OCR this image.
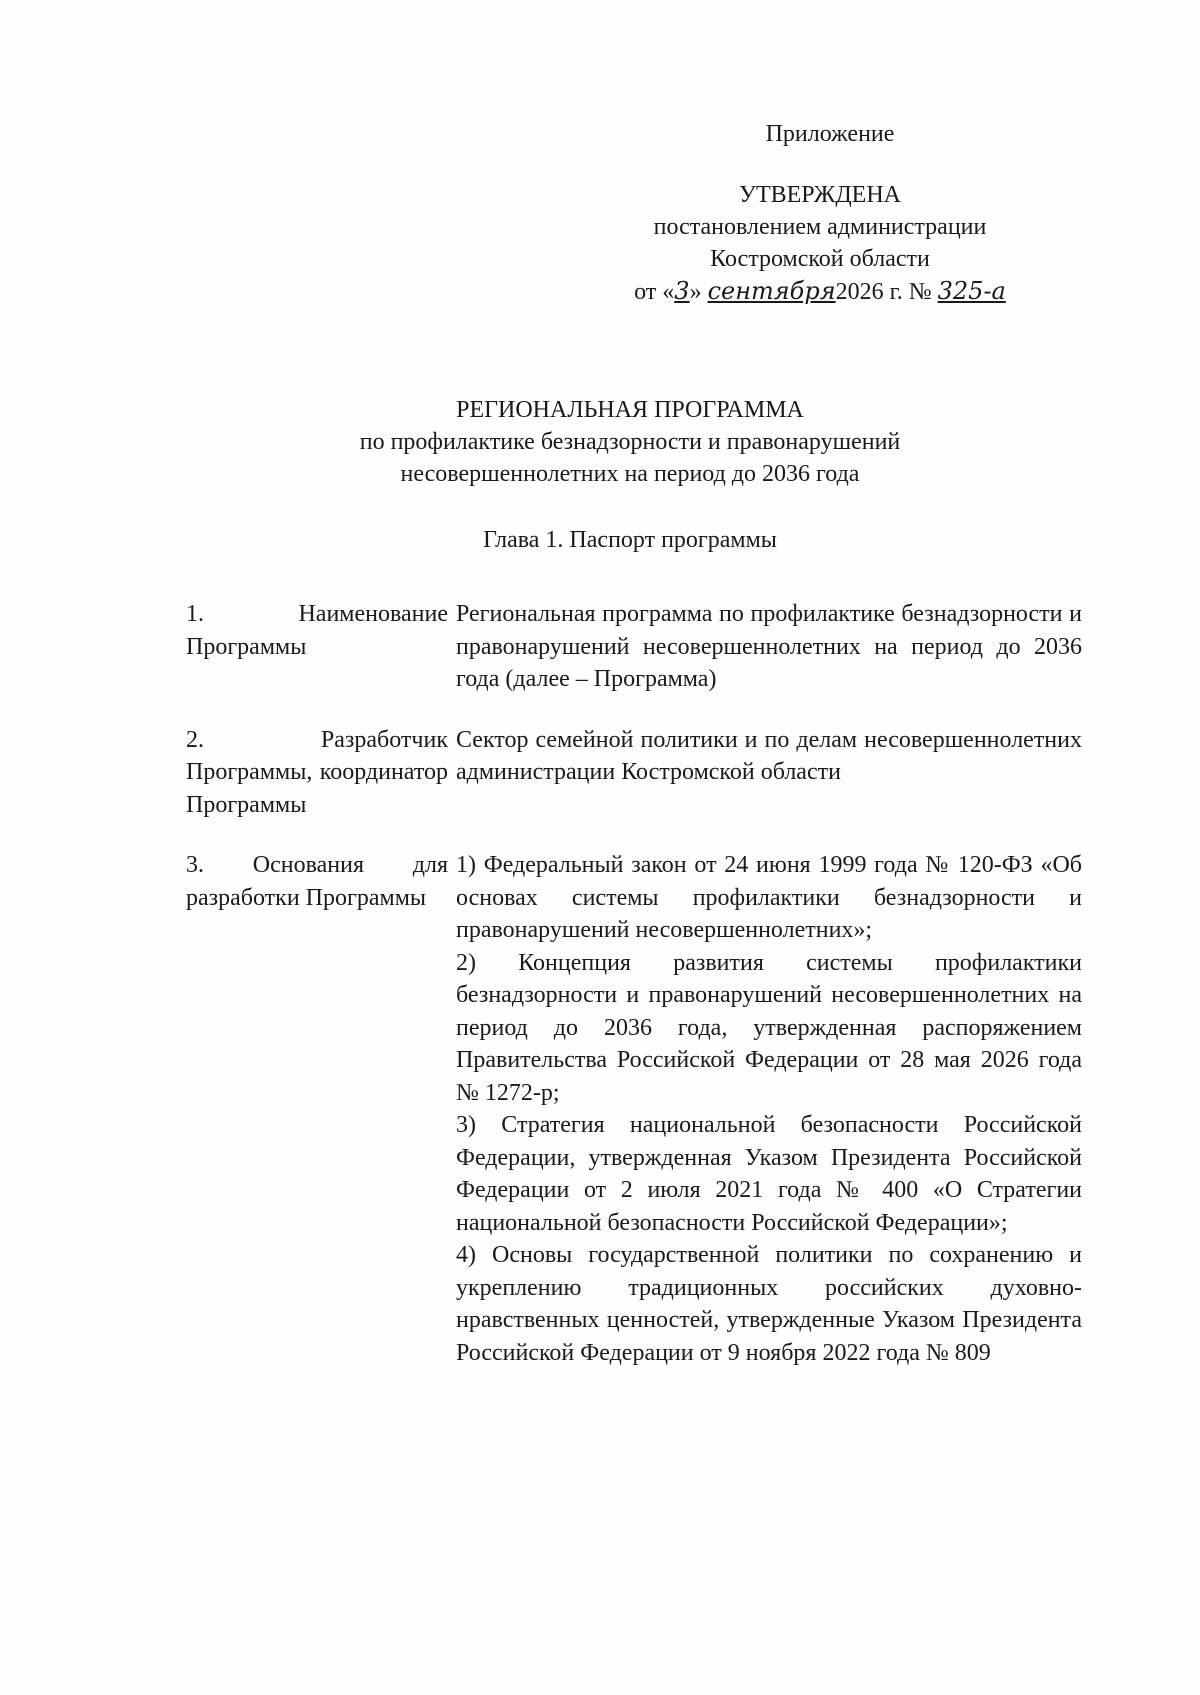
Приложение
УТВЕРЖДЕНА
постановлением администрации
Костромской области
от «3» сентября2026 г. № 325-а
РЕГИОНАЛЬНАЯ ПРОГРАММА
по профилактике безнадзорности и правонарушений
несовершеннолетних на период до 2036 года
Глава 1. Паспорт программы
1. Наименование Программы	Региональная программа по профилактике безнадзорности и правонарушений несовершеннолетних на период до 2036 года (далее – Программа)

2. Разработчик Программы, координатор Программы	Сектор семейной политики и по делам несовершеннолетних администрации Костромской области

3. Основания для разработки Программы	1) Федеральный закон от 24 июня 1999 года № 120-ФЗ «Об основах системы профилактики безнадзорности и правонарушений несовершеннолетних»;

2) Концепция развития системы профилактики безнадзорности и правонарушений несовершеннолетних на период до 2036 года, утвержденная распоряжением Правительства Российской Федерации от 28 мая 2026 года № 1272-р;

3) Стратегия национальной безопасности Российской Федерации, утвержденная Указом Президента Российской Федерации от 2 июля 2021 года № 400 «О Стратегии национальной безопасности Российской Федерации»;

4) Основы государственной политики по сохранению и укреплению традиционных российских духовно-нравственных ценностей, утвержденные Указом Президента Российской Федерации от 9 ноября 2022 года № 809
